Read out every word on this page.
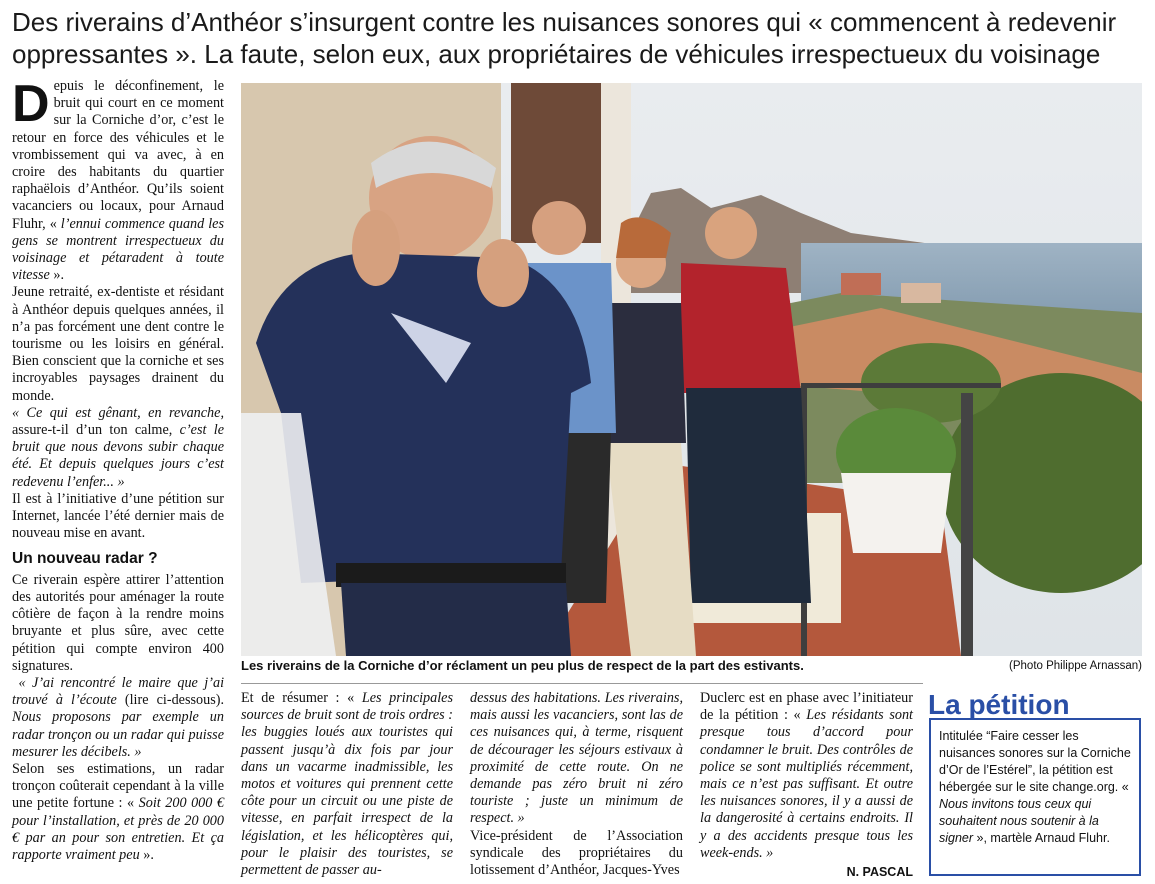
Des riverains d’Anthéor s’insurgent contre les nuisances sonores qui « commencent à redevenir oppressantes ». La faute, selon eux, aux propriétaires de véhicules irrespectueux du voisinage

Depuis le déconfinement, le bruit qui court en ce moment sur la Corniche d’or, c’est le retour en force des véhicules et le vrombissement qui va avec, à en croire des habitants du quartier raphaëlois d’Anthéor. Qu’ils soient vacanciers ou locaux, pour Arnaud Fluhr, « l’ennui commence quand les gens se montrent irrespectueux du voisinage et pétaradent à toute vitesse ».

Jeune retraité, ex-dentiste et résidant à Anthéor depuis quelques années, il n’a pas forcément une dent contre le tourisme ou les loisirs en général. Bien conscient que la corniche et ses incroyables paysages drainent du monde.

« Ce qui est gênant, en revanche, assure-t-il d’un ton calme, c’est le bruit que nous devons subir chaque été. Et depuis quelques jours c’est redevenu l’enfer... »

Il est à l’initiative d’une pétition sur Internet, lancée l’été dernier mais de nouveau mise en avant.

Un nouveau radar ?

Ce riverain espère attirer l’attention des autorités pour aménager la route côtière de façon à la rendre moins bruyante et plus sûre, avec cette pétition qui compte environ 400 signatures.

« J’ai rencontré le maire que j’ai trouvé à l’écoute (lire ci-dessous). Nous proposons par exemple un radar tronçon ou un radar qui puisse mesurer les décibels. »

Selon ses estimations, un radar tronçon coûterait cependant à la ville une petite fortune : « Soit 200 000 € pour l’installation, et près de 20 000 € par an pour son entretien. Et ça rapporte vraiment peu ».

Les riverains de la Corniche d’or réclament un peu plus de respect de la part des estivants.	(Photo Philippe Arnassan)

Et de résumer : « Les principales sources de bruit sont de trois ordres : les buggies loués aux touristes qui passent jusqu’à dix fois par jour dans un vacarme inadmissible, les motos et voitures qui prennent cette côte pour un circuit ou une piste de vitesse, en parfait irrespect de la législation, et les hélicoptères qui, pour le plaisir des touristes, se permettent de passer au-

dessus des habitations. Les riverains, mais aussi les vacanciers, sont las de ces nuisances qui, à terme, risquent de décourager les séjours estivaux à proximité de cette route. On ne demande pas zéro bruit ni zéro touriste ; juste un minimum de respect. »

Vice-président de l’Association syndicale des propriétaires du lotissement d’Anthéor, Jacques-Yves

Duclerc est en phase avec l’initiateur de la pétition : « Les résidants sont presque tous d’accord pour condamner le bruit. Des contrôles de police se sont multipliés récemment, mais ce n’est pas suffisant. Et outre les nuisances sonores, il y a aussi de la dangerosité à certains endroits. Il y a des accidents presque tous les week-ends. »

N. PASCAL

La pétition
Intitulée “Faire cesser les nuisances sonores sur la Corniche d’Or de l’Estérel”, la pétition est hébergée sur le site change.org. « Nous invitons tous ceux qui souhaitent nous soutenir à la signer », martèle Arnaud Fluhr.
